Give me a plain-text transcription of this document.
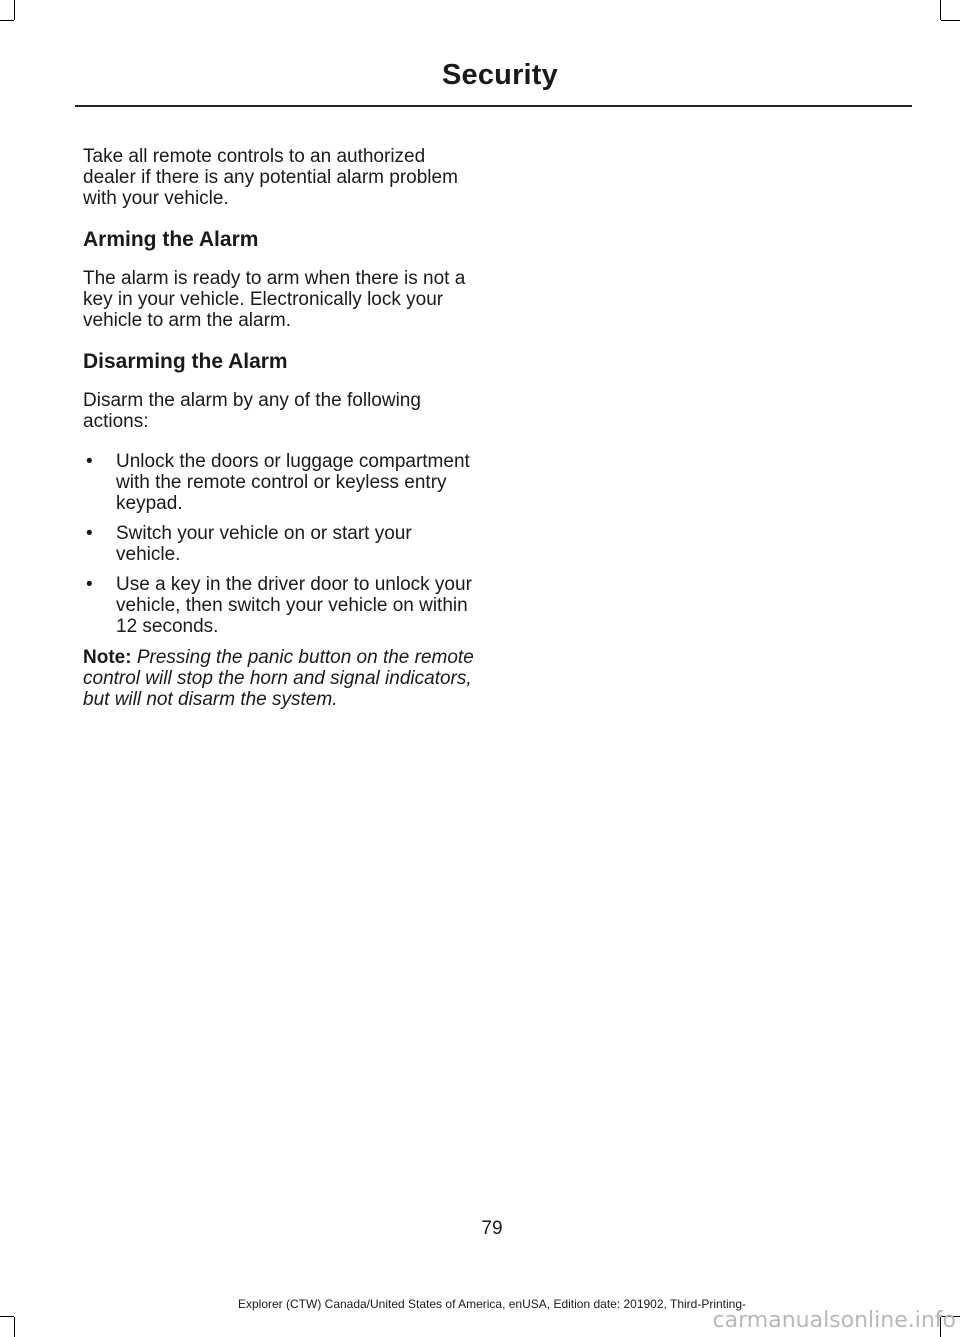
Security

Take all remote controls to an authorized dealer if there is any potential alarm problem with your vehicle.

Arming the Alarm

The alarm is ready to arm when there is not a key in your vehicle. Electronically lock your vehicle to arm the alarm.

Disarming the Alarm

Disarm the alarm by any of the following actions:

• Unlock the doors or luggage compartment with the remote control or keyless entry keypad.
• Switch your vehicle on or start your vehicle.
• Use a key in the driver door to unlock your vehicle, then switch your vehicle on within 12 seconds.

Note: Pressing the panic button on the remote control will stop the horn and signal indicators, but will not disarm the system.

79

Explorer (CTW) Canada/United States of America, enUSA, Edition date: 201902, Third-Printing-

carmanualsonline.info
